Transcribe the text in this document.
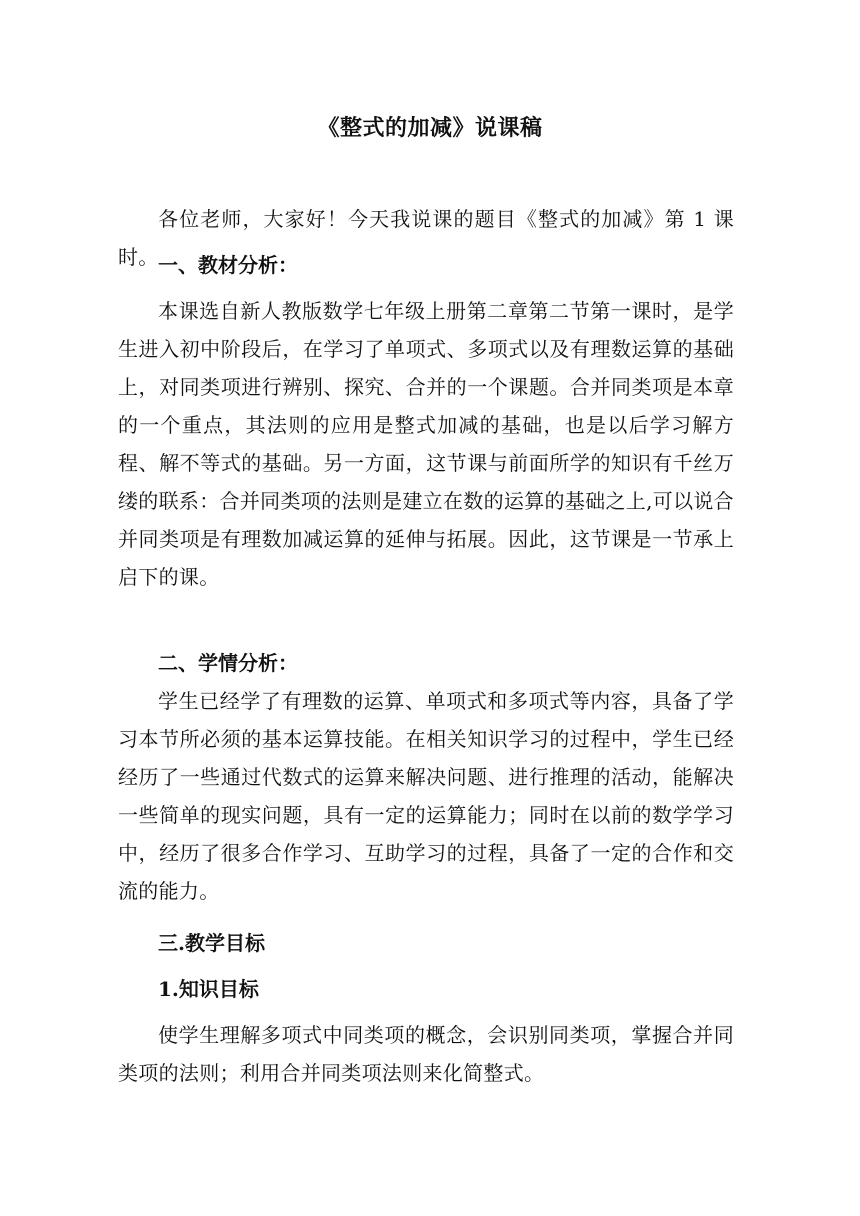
《整式的加减》说课稿

各位老师，大家好！今天我说课的题目《整式的加减》第 1 课时。 一、教材分析：

本课选自新人教版数学七年级上册第二章第二节第一课时，是学生进入初中阶段后，在学习了单项式、多项式以及有理数运算的基础上，对同类项进行辨别、探究、合并的一个课题。合并同类项是本章的一个重点，其法则的应用是整式加减的基础，也是以后学习解方程、解不等式的基础。另一方面，这节课与前面所学的知识有千丝万缕的联系：合并同类项的法则是建立在数的运算的基础之上,可以说合并同类项是有理数加减运算的延伸与拓展。因此，这节课是一节承上启下的课。

二、学情分析：

学生已经学了有理数的运算、单项式和多项式等内容，具备了学习本节所必须的基本运算技能。在相关知识学习的过程中，学生已经经历了一些通过代数式的运算来解决问题、进行推理的活动，能解决一些简单的现实问题，具有一定的运算能力；同时在以前的数学学习中，经历了很多合作学习、互助学习的过程，具备了一定的合作和交流的能力。

三.教学目标

1.知识目标

使学生理解多项式中同类项的概念，会识别同类项，掌握合并同类项的法则；利用合并同类项法则来化简整式。
